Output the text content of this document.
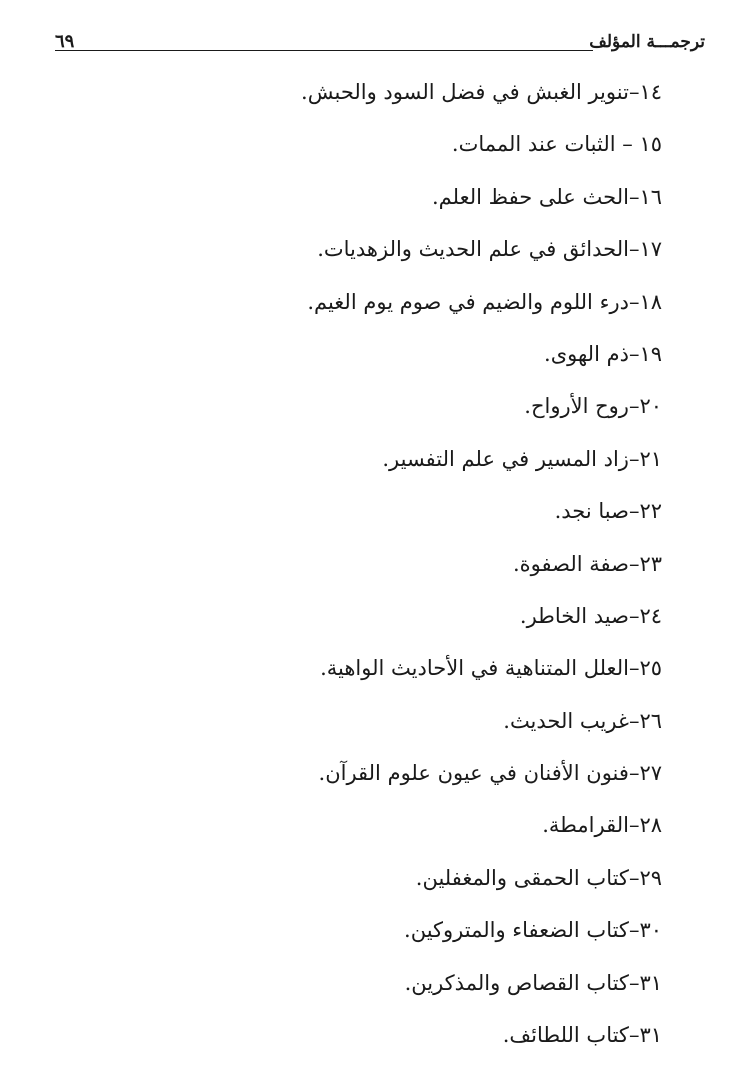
ترجمـــة المؤلف
٦٩
١٤–تنوير الغبش في فضل السود والحبش.
١٥ – الثبات عند الممات.
١٦–الحث على حفظ العلم.
١٧–الحدائق في علم الحديث والزهديات.
١٨–درء اللوم والضيم في صوم يوم الغيم.
١٩–ذم الهوى.
٢٠–روح الأرواح.
٢١–زاد المسير في علم التفسير.
٢٢–صبا نجد.
٢٣–صفة الصفوة.
٢٤–صيد الخاطر.
٢٥–العلل المتناهية في الأحاديث الواهية.
٢٦–غريب الحديث.
٢٧–فنون الأفنان في عيون علوم القرآن.
٢٨–القرامطة.
٢٩–كتاب الحمقى والمغفلين.
٣٠–كتاب الضعفاء والمتروكين.
٣١–كتاب القصاص والمذكرين.
٣١–كتاب اللطائف.
